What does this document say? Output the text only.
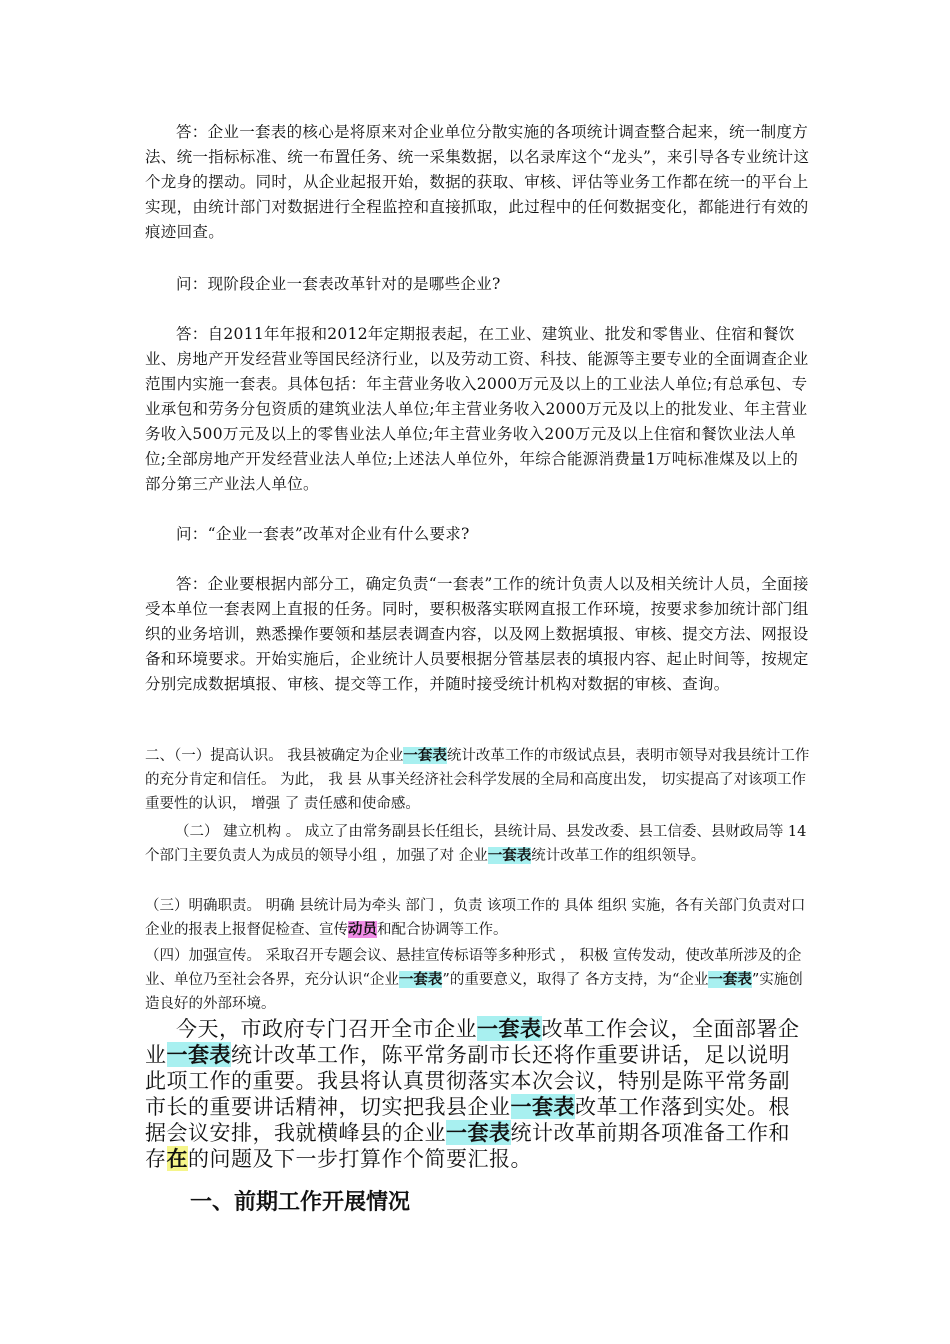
答：企业一套表的核心是将原来对企业单位分散实施的各项统计调查整合起来，统一制度方法、统一指标标准、统一布置任务、统一采集数据，以名录库这个“龙头”，来引导各专业统计这个龙身的摆动。同时，从企业起报开始，数据的获取、审核、评估等业务工作都在统一的平台上实现，由统计部门对数据进行全程监控和直接抓取，此过程中的任何数据变化，都能进行有效的痕迹回查。

问：现阶段企业一套表改革针对的是哪些企业?

答：自2011年年报和2012年定期报表起，在工业、建筑业、批发和零售业、住宿和餐饮业、房地产开发经营业等国民经济行业，以及劳动工资、科技、能源等主要专业的全面调查企业范围内实施一套表。具体包括：年主营业务收入2000万元及以上的工业法人单位;有总承包、专业承包和劳务分包资质的建筑业法人单位;年主营业务收入2000万元及以上的批发业、年主营业务收入500万元及以上的零售业法人单位;年主营业务收入200万元及以上住宿和餐饮业法人单位;全部房地产开发经营业法人单位;上述法人单位外，年综合能源消费量1万吨标准煤及以上的部分第三产业法人单位。

问：“企业一套表”改革对企业有什么要求?

答：企业要根据内部分工，确定负责“一套表”工作的统计负责人以及相关统计人员，全面接受本单位一套表网上直报的任务。同时，要积极落实联网直报工作环境，按要求参加统计部门组织的业务培训，熟悉操作要领和基层表调查内容，以及网上数据填报、审核、提交方法、网报设备和环境要求。开始实施后，企业统计人员要根据分管基层表的填报内容、起止时间等，按规定分别完成数据填报、审核、提交等工作，并随时接受统计机构对数据的审核、查询。

二、（一）提高认识。 我县被确定为企业一套表统计改革工作的市级试点县，表明市领导对我县统计工作的充分肯定和信任。 为此， 我 县 从事关经济社会科学发展的全局和高度出发， 切实提高了对该项工作重要性的认识， 增强 了 责任感和使命感。

（二） 建立机构 。 成立了由常务副县长任组长，县统计局、县发改委、县工信委、县财政局等 14 个部门主要负责人为成员的领导小组 ，加强了对 企业一套表统计改革工作的组织领导。

（三）明确职责。 明确 县统计局为牵头 部门 ，负责 该项工作的 具体 组织 实施，各有关部门负责对口企业的报表上报督促检查、宣传动员和配合协调等工作。

（四）加强宣传。 采取召开专题会议、悬挂宣传标语等多种形式 ， 积极 宣传发动，使改革所涉及的企业、单位乃至社会各界，充分认识“企业一套表”的重要意义，取得了 各方支持，为“企业一套表”实施创造良好的外部环境。

今天，市政府专门召开全市企业一套表改革工作会议，全面部署企业一套表统计改革工作，陈平常务副市长还将作重要讲话，足以说明此项工作的重要。我县将认真贯彻落实本次会议，特别是陈平常务副市长的重要讲话精神，切实把我县企业一套表改革工作落到实处。根据会议安排，我就横峰县的企业一套表统计改革前期各项准备工作和存在的问题及下一步打算作个简要汇报。

一、前期工作开展情况
